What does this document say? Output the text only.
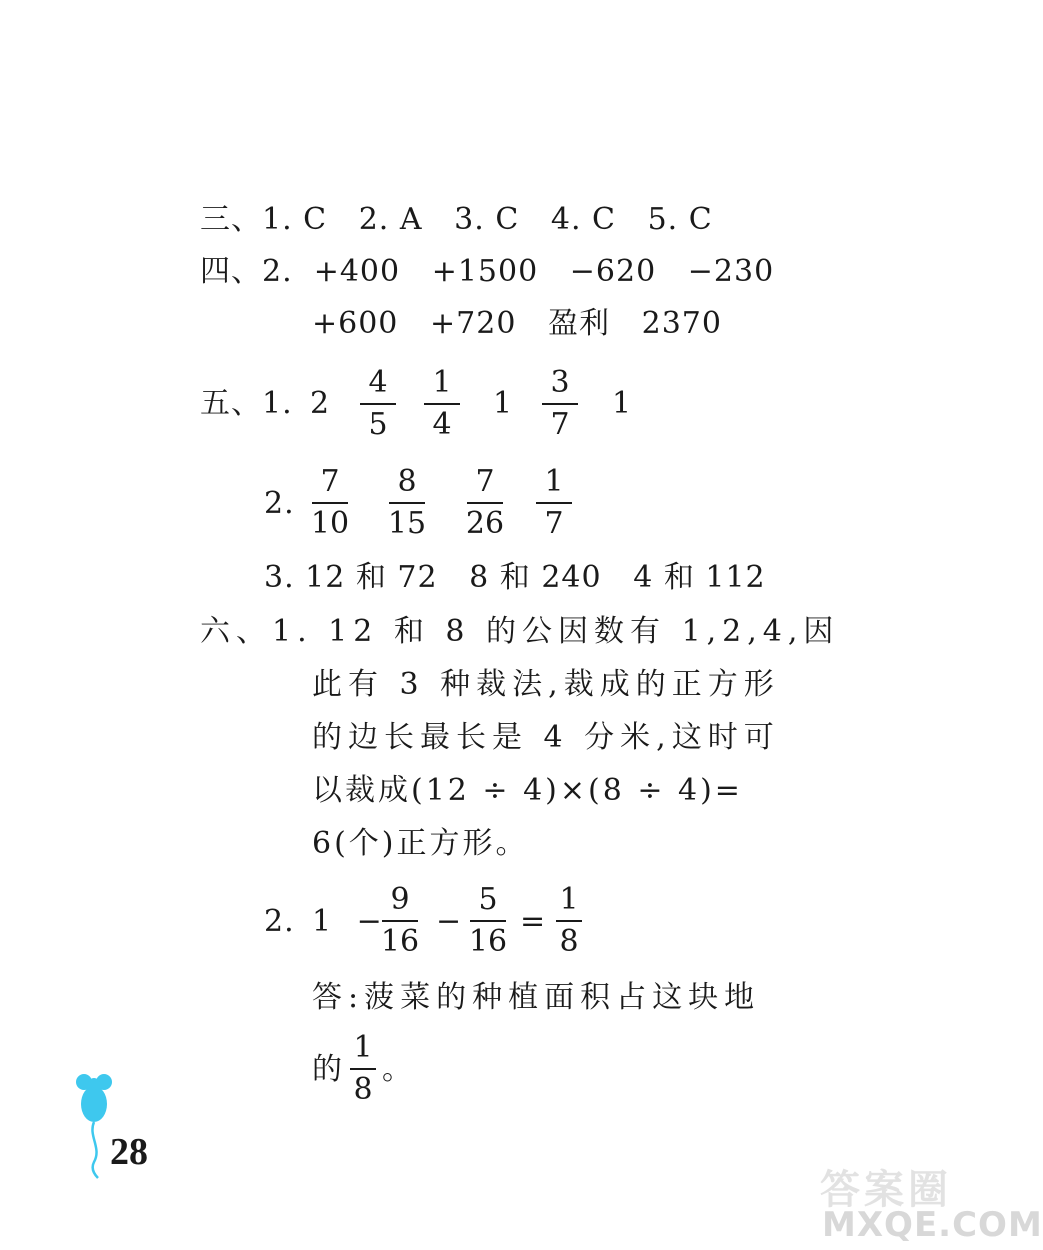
三、1. C   2. A   3. C   4. C   5. C
四、2.  +400   +1500   −620   −230
+600   +720   盈利   2370
五、1. 2
4
5
1
4
1
3
7
1
2.
7
10
8
15
7
26
1
7
3. 12 和 72   8 和 240   4 和 112
六、1. 12 和 8 的公因数有 1,2,4,因
此有 3 种裁法,裁成的正方形
的边长最长是 4 分米,这时可
以裁成(12 ÷ 4)×(8 ÷ 4)=
6(个)正方形。
2. 1 −
9
16
−
5
16
=
1
8
答:菠菜的种植面积占这块地
的
1
8
。
28
答案圈
MXQE.COM
